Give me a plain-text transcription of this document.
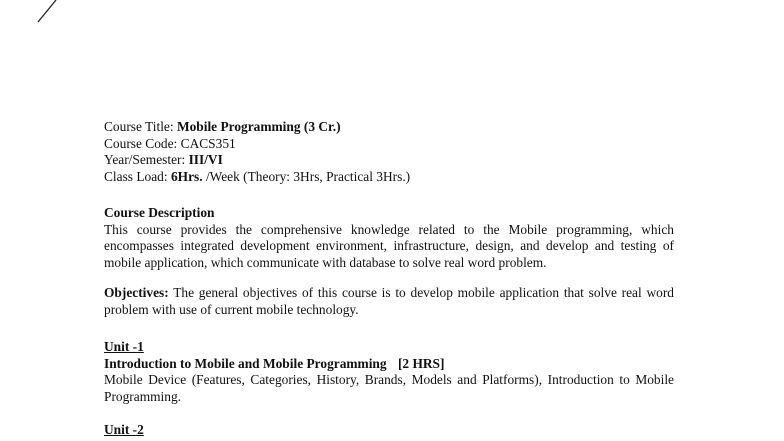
Course Title: Mobile Programming (3 Cr.)
Course Code: CACS351
Year/Semester: III/VI
Class Load: 6Hrs. /Week (Theory: 3Hrs, Practical 3Hrs.)
Course Description
This course provides the comprehensive knowledge related to the Mobile programming, which encompasses integrated development environment, infrastructure, design, and develop and testing of mobile application, which communicate with database to solve real word problem.
Objectives: The general objectives of this course is to develop mobile application that solve real word problem with use of current mobile technology.
Unit -1
Introduction to Mobile and Mobile Programming [2 HRS]
Mobile Device (Features, Categories, History, Brands, Models and Platforms), Introduction to Mobile Programming.
Unit -2
